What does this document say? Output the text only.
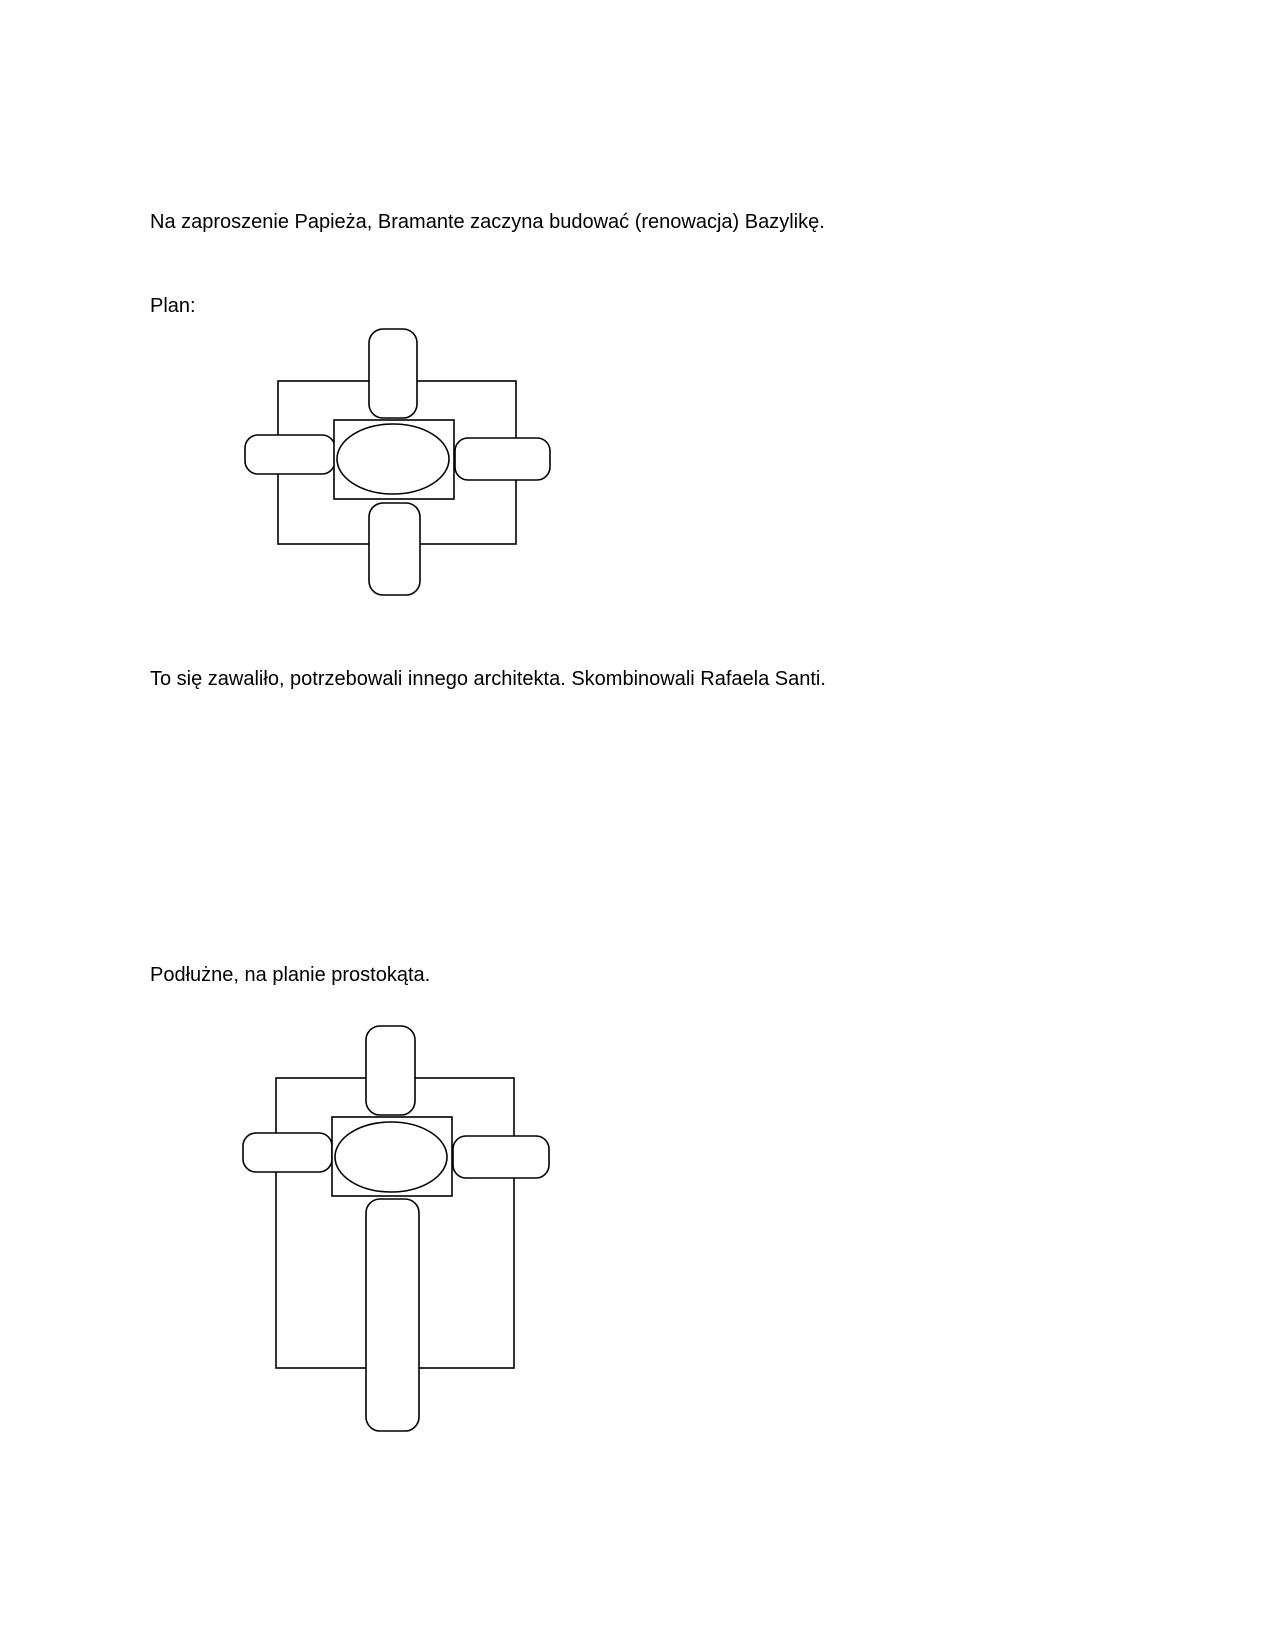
Na zaproszenie Papieża, Bramante zaczyna budować (renowacja) Bazylikę.

Plan:

To się zawaliło, potrzebowali innego architekta. Skombinowali Rafaela Santi.

Podłużne, na planie prostokąta.
